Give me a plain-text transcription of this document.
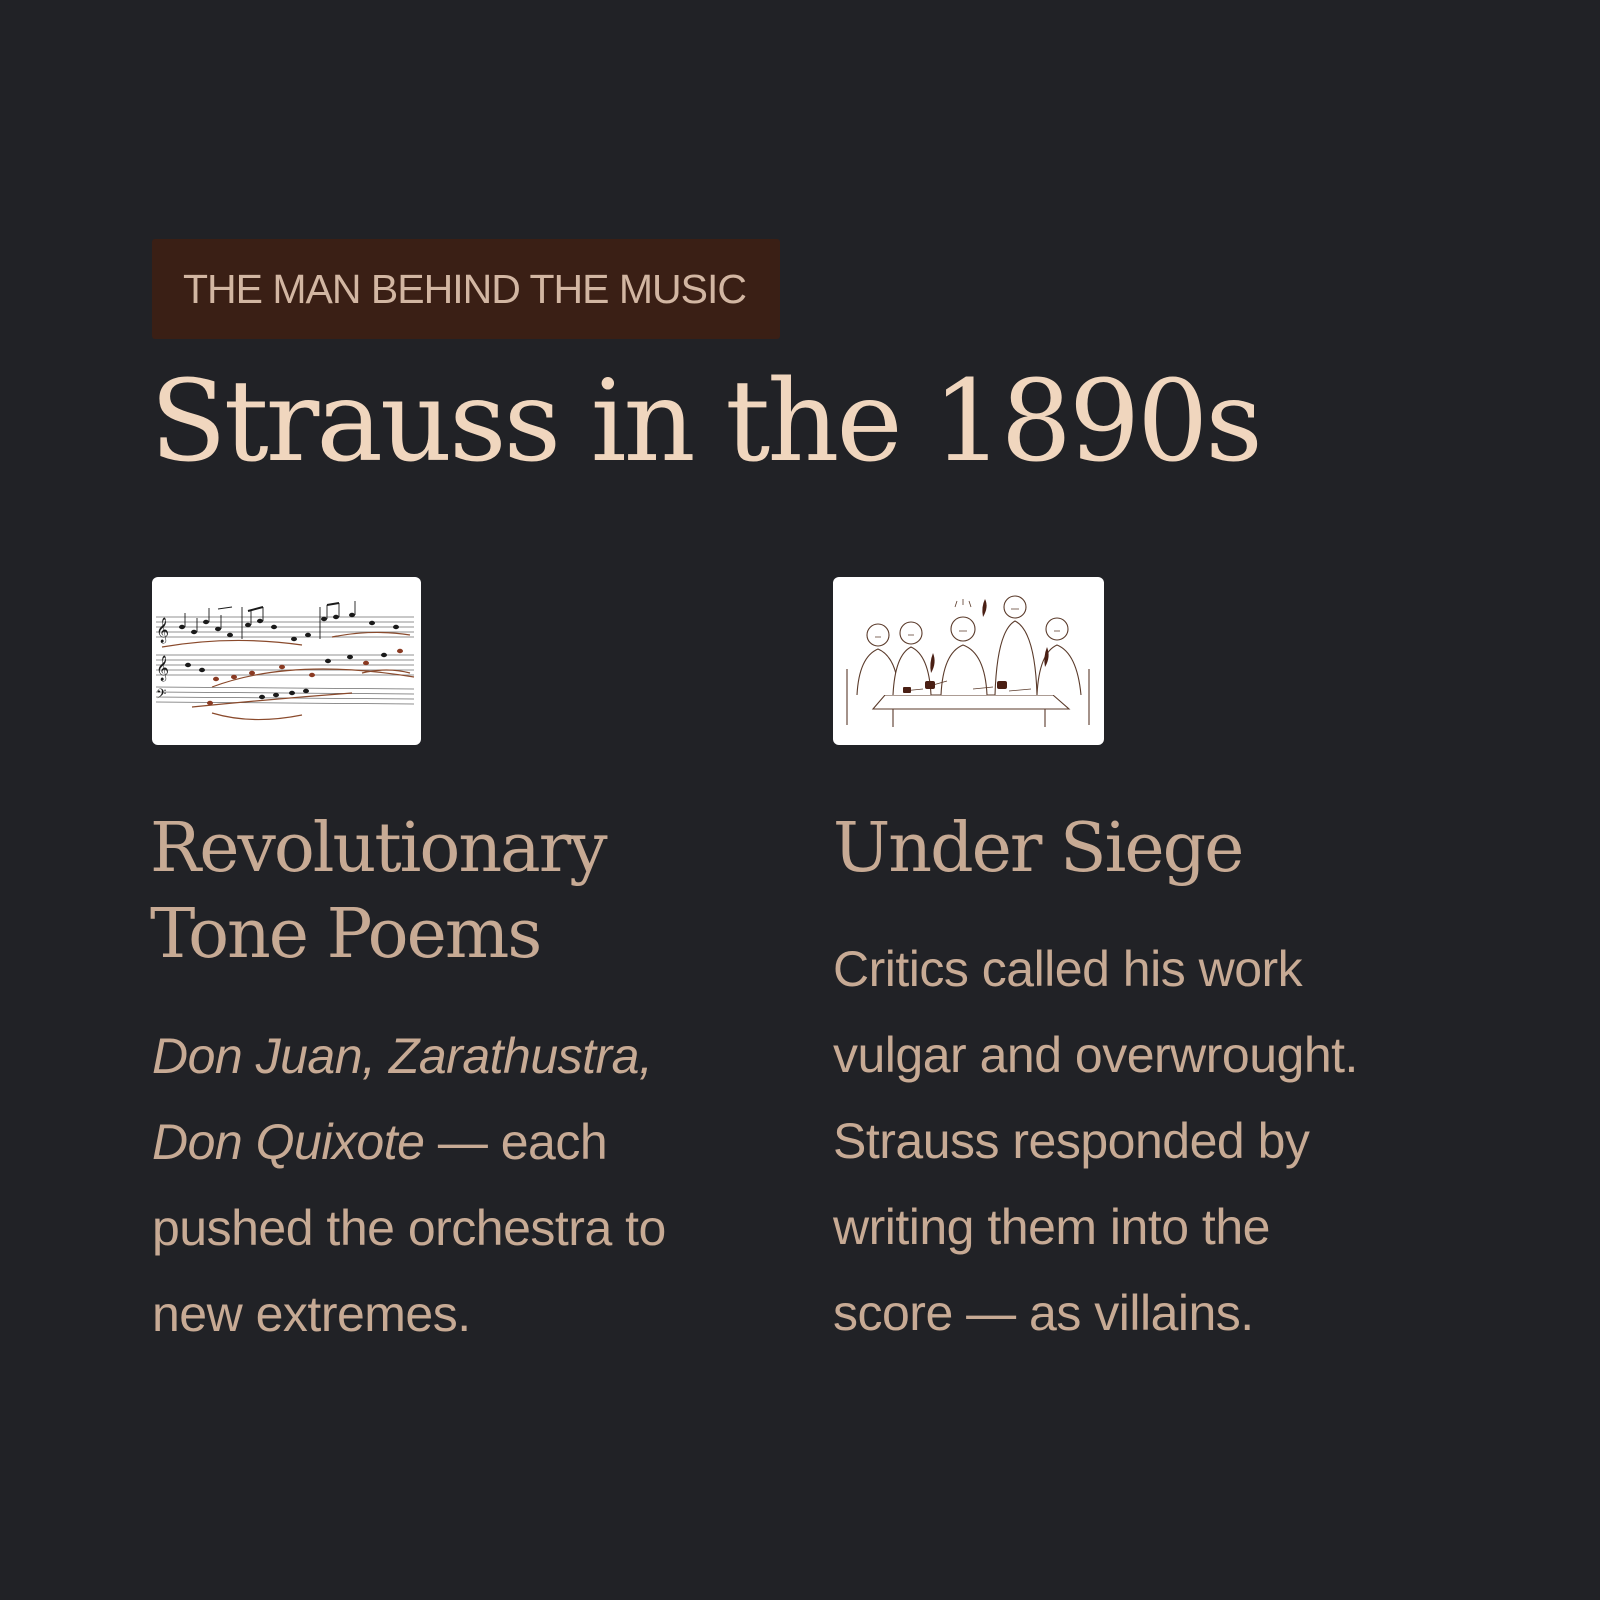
THE MAN BEHIND THE MUSIC
Strauss in the 1890s
𝄞
𝄞
𝄢
Revolutionary
Tone Poems

Don Juan, Zarathustra,
Don Quixote — each
pushed the orchestra to
new extremes.

Under Siege

Critics called his work
vulgar and overwrought.
Strauss responded by
writing them into the
score — as villains.
